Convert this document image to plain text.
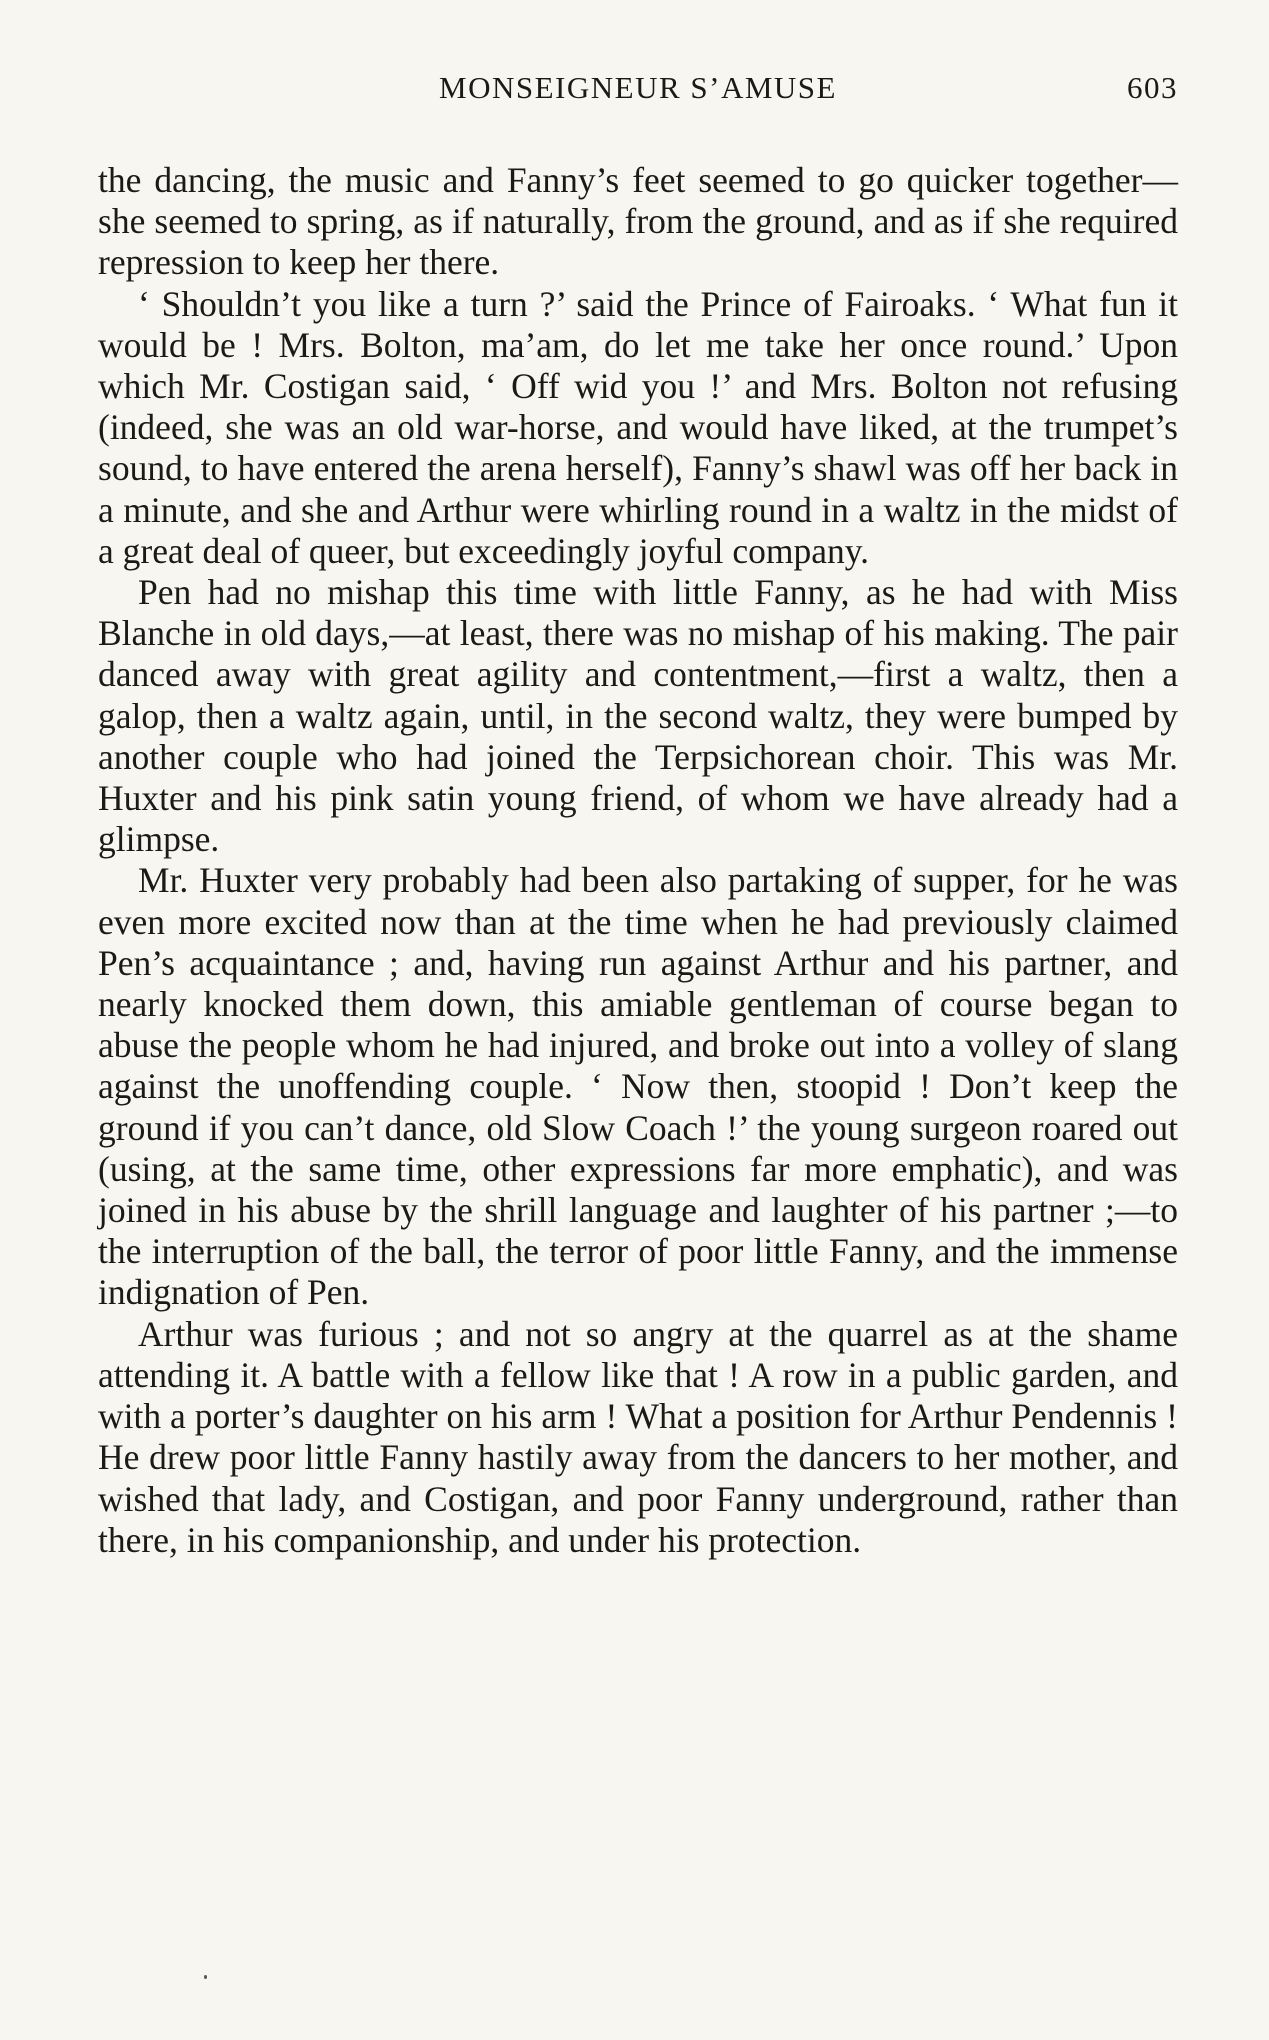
MONSEIGNEUR S’AMUSE	603

the dancing, the music and Fanny’s feet seemed to go quicker together—she seemed to spring, as if naturally, from the ground, and as if she required repression to keep her there.

‘ Shouldn’t you like a turn ?’ said the Prince of Fairoaks. ‘ What fun it would be ! Mrs. Bolton, ma’am, do let me take her once round.’ Upon which Mr. Costigan said, ‘ Off wid you !’ and Mrs. Bolton not refusing (indeed, she was an old war-horse, and would have liked, at the trumpet’s sound, to have entered the arena herself), Fanny’s shawl was off her back in a minute, and she and Arthur were whirling round in a waltz in the midst of a great deal of queer, but exceedingly joyful company.

Pen had no mishap this time with little Fanny, as he had with Miss Blanche in old days,—at least, there was no mishap of his making. The pair danced away with great agility and contentment,—first a waltz, then a galop, then a waltz again, until, in the second waltz, they were bumped by another couple who had joined the Terpsichorean choir. This was Mr. Huxter and his pink satin young friend, of whom we have already had a glimpse.

Mr. Huxter very probably had been also partaking of supper, for he was even more excited now than at the time when he had previously claimed Pen’s acquaintance ; and, having run against Arthur and his partner, and nearly knocked them down, this amiable gentleman of course began to abuse the people whom he had injured, and broke out into a volley of slang against the unoffending couple. ‘ Now then, stoopid ! Don’t keep the ground if you can’t dance, old Slow Coach !’ the young surgeon roared out (using, at the same time, other expressions far more emphatic), and was joined in his abuse by the shrill language and laughter of his partner ;—to the interruption of the ball, the terror of poor little Fanny, and the immense indignation of Pen.

Arthur was furious ; and not so angry at the quarrel as at the shame attending it. A battle with a fellow like that ! A row in a public garden, and with a porter’s daughter on his arm ! What a position for Arthur Pendennis ! He drew poor little Fanny hastily away from the dancers to her mother, and wished that lady, and Costigan, and poor Fanny underground, rather than there, in his companionship, and under his protection.
